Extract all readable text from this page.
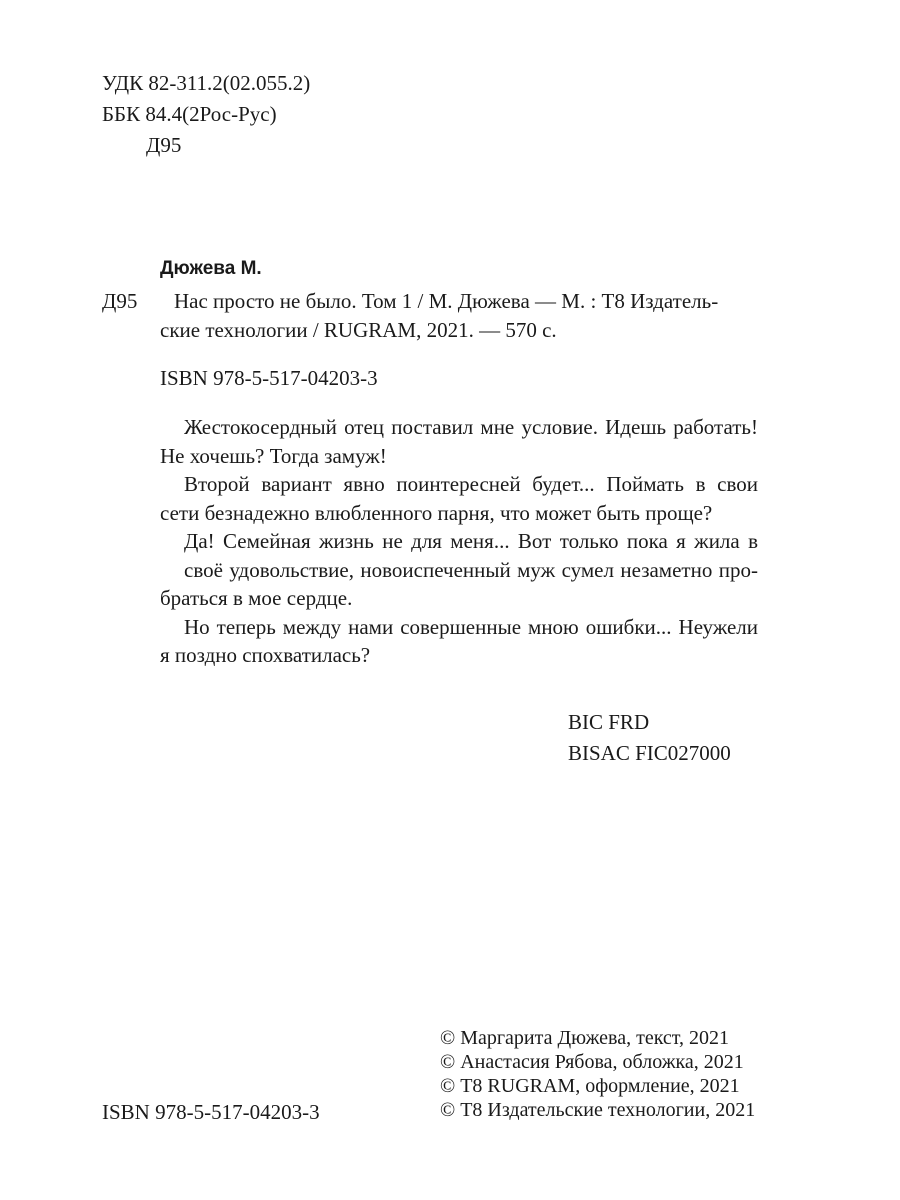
УДК 82-311.2(02.055.2)
ББК 84.4(2Рос-Рус)
Д95
Дюжева М.
Д95 Нас просто не было. Том 1 / М. Дюжева — М. : Т8 Издатель-
ские технологии / RUGRAM, 2021. — 570 с.
ISBN 978-5-517-04203-3

Жестокосердный отец поставил мне условие. Идешь работать!
Не хочешь? Тогда замуж!

Второй вариант явно поинтересней будет... Поймать в свои
сети безнадежно влюбленного парня, что может быть проще?

Да! Семейная жизнь не для меня... Вот только пока я жила в
своё удовольствие, новоиспеченный муж сумел незаметно про-
браться в мое сердце.

Но теперь между нами совершенные мною ошибки... Неужели
я поздно спохватилась?

BIC FRD
BISAC FIC027000
ISBN 978-5-517-04203-3
© Маргарита Дюжева, текст, 2021
© Анастасия Рябова, обложка, 2021
© Т8 RUGRAM, оформление, 2021
© Т8 Издательские технологии, 2021
